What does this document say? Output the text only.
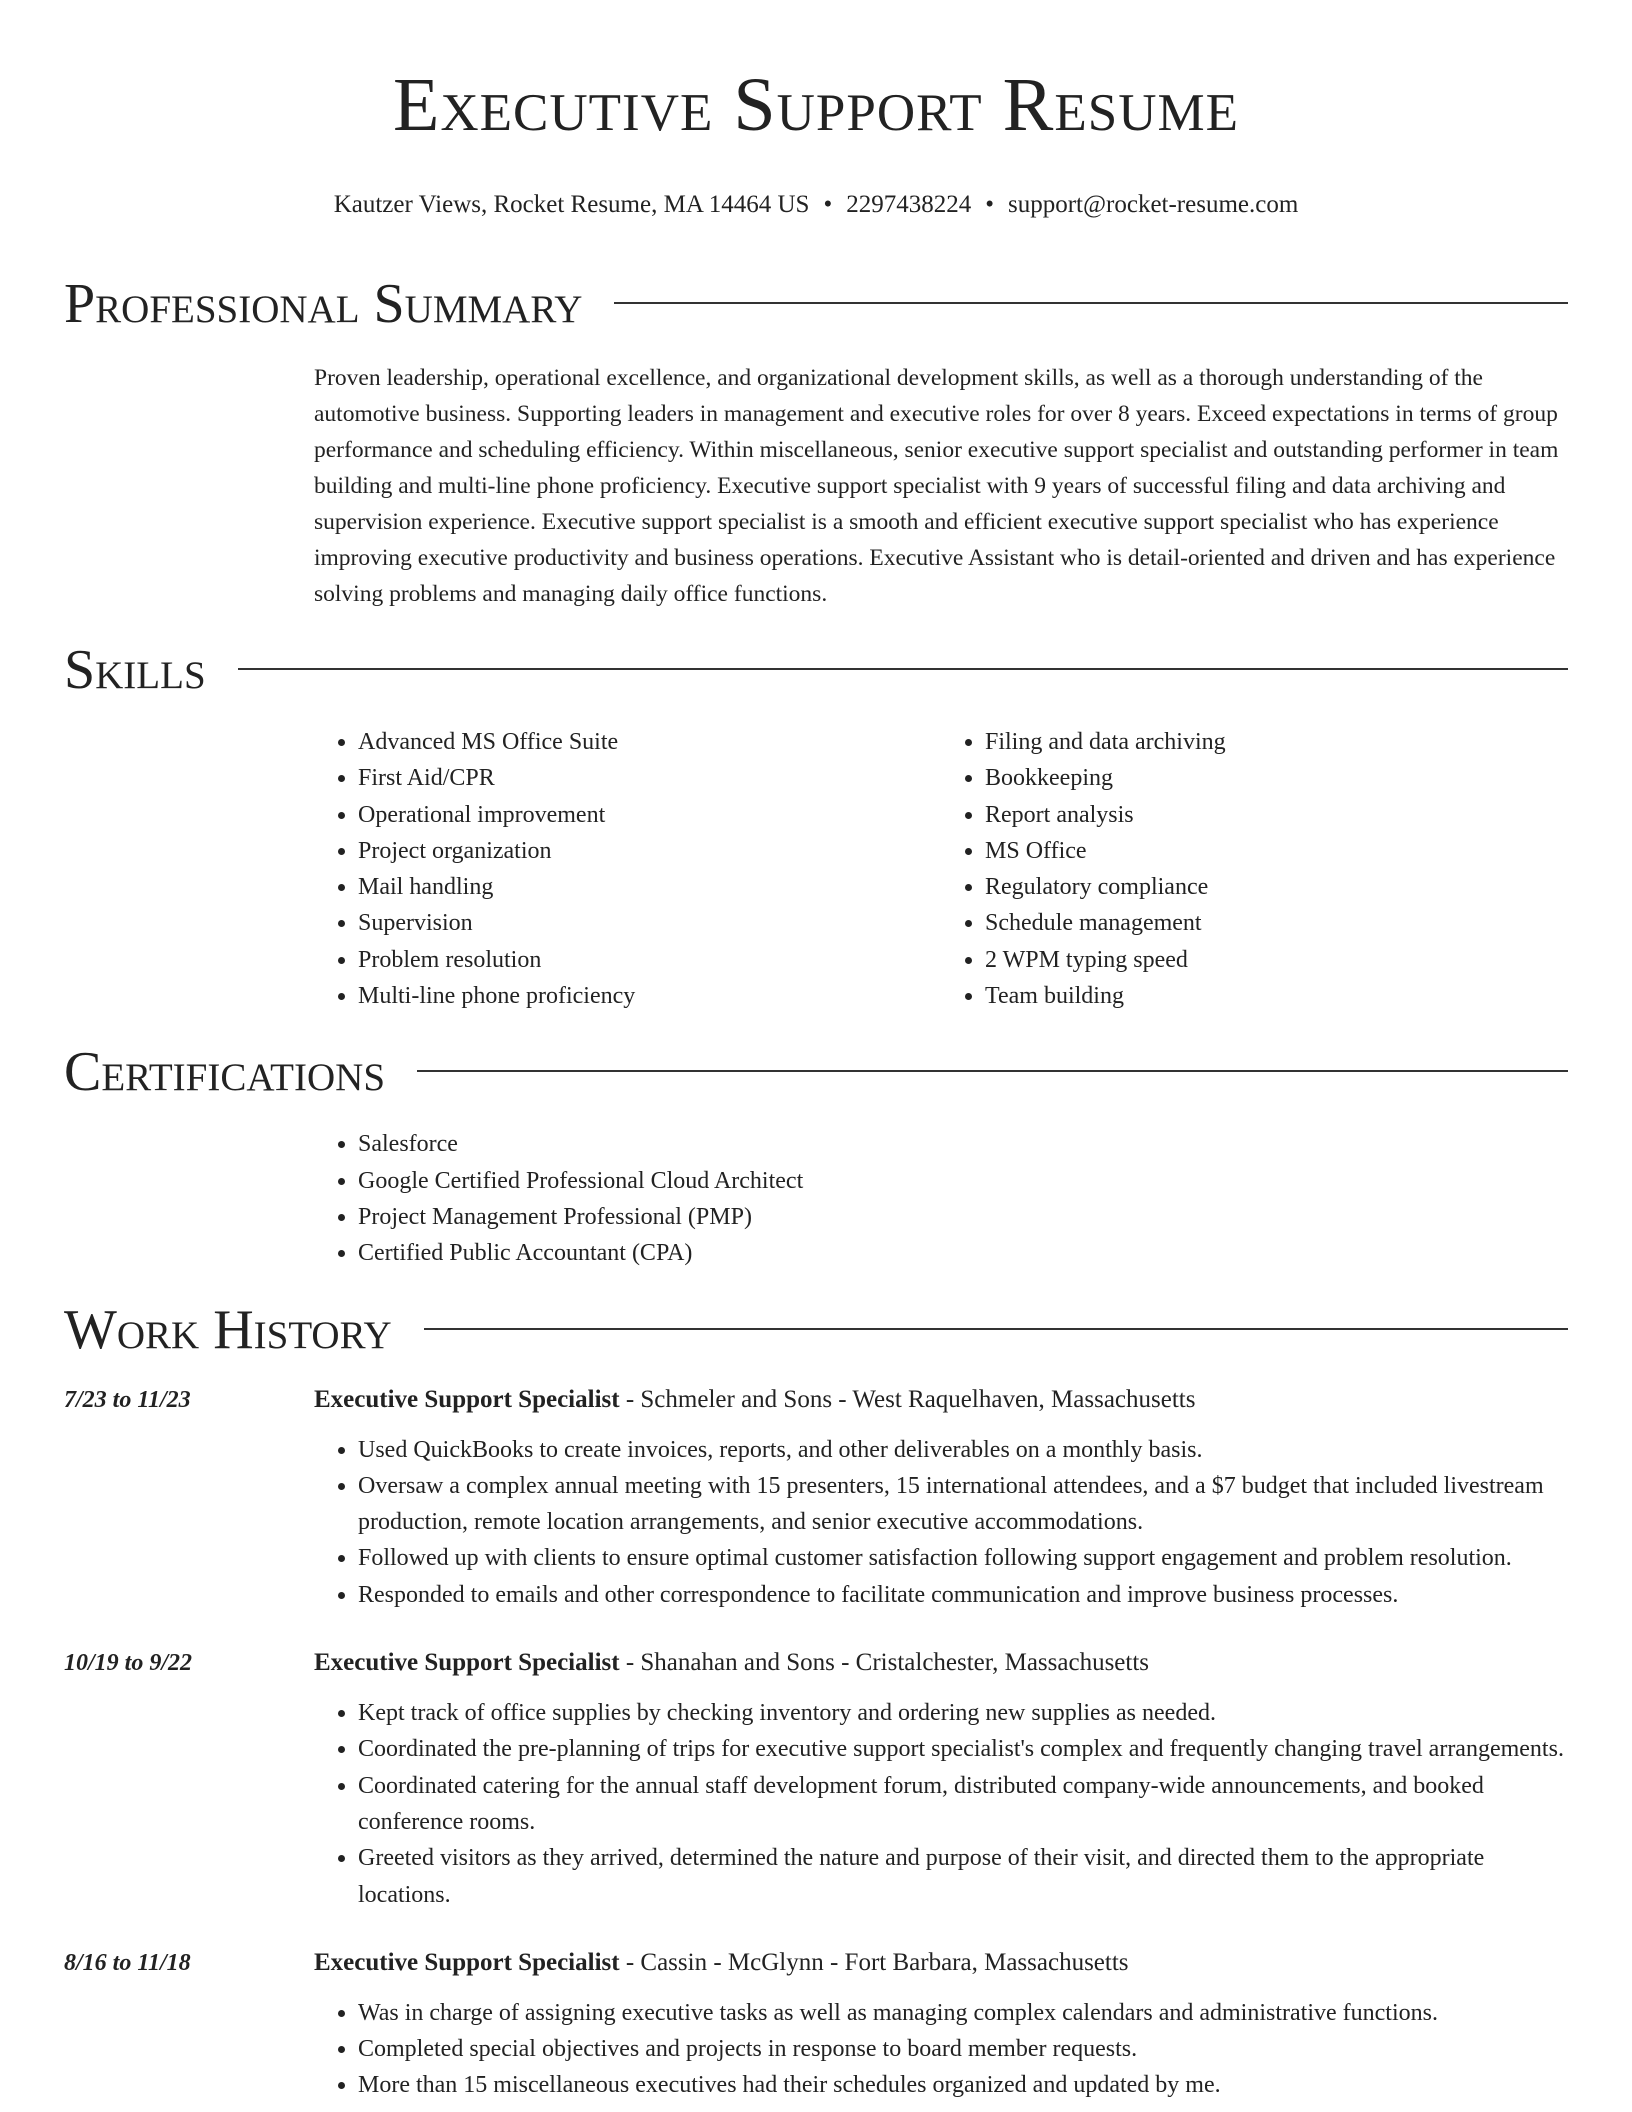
Executive Support Resume
Kautzer Views, Rocket Resume, MA 14464 US • 2297438224 • support@rocket-resume.com
Professional Summary

Proven leadership, operational excellence, and organizational development skills, as well as a thorough understanding of the automotive business. Supporting leaders in management and executive roles for over 8 years. Exceed expectations in terms of group performance and scheduling efficiency. Within miscellaneous, senior executive support specialist and outstanding performer in team building and multi-line phone proficiency. Executive support specialist with 9 years of successful filing and data archiving and supervision experience. Executive support specialist is a smooth and efficient executive support specialist who has experience improving executive productivity and business operations. Executive Assistant who is detail-oriented and driven and has experience solving problems and managing daily office functions.

Skills
• Advanced MS Office Suite
• First Aid/CPR
• Operational improvement
• Project organization
• Mail handling
• Supervision
• Problem resolution
• Multi-line phone proficiency
• Filing and data archiving
• Bookkeeping
• Report analysis
• MS Office
• Regulatory compliance
• Schedule management
• 2 WPM typing speed
• Team building
Certifications
• Salesforce
• Google Certified Professional Cloud Architect
• Project Management Professional (PMP)
• Certified Public Accountant (CPA)
Work History
7/23 to 11/23	Executive Support Specialist - Schmeler and Sons - West Raquelhaven, Massachusetts
• Used QuickBooks to create invoices, reports, and other deliverables on a monthly basis.
• Oversaw a complex annual meeting with 15 presenters, 15 international attendees, and a $7 budget that included livestream production, remote location arrangements, and senior executive accommodations.
• Followed up with clients to ensure optimal customer satisfaction following support engagement and problem resolution.
• Responded to emails and other correspondence to facilitate communication and improve business processes.
10/19 to 9/22	Executive Support Specialist - Shanahan and Sons - Cristalchester, Massachusetts
• Kept track of office supplies by checking inventory and ordering new supplies as needed.
• Coordinated the pre-planning of trips for executive support specialist's complex and frequently changing travel arrangements.
• Coordinated catering for the annual staff development forum, distributed company-wide announcements, and booked conference rooms.
• Greeted visitors as they arrived, determined the nature and purpose of their visit, and directed them to the appropriate locations.
8/16 to 11/18	Executive Support Specialist - Cassin - McGlynn - Fort Barbara, Massachusetts
• Was in charge of assigning executive tasks as well as managing complex calendars and administrative functions.
• Completed special objectives and projects in response to board member requests.
• More than 15 miscellaneous executives had their schedules organized and updated by me.
